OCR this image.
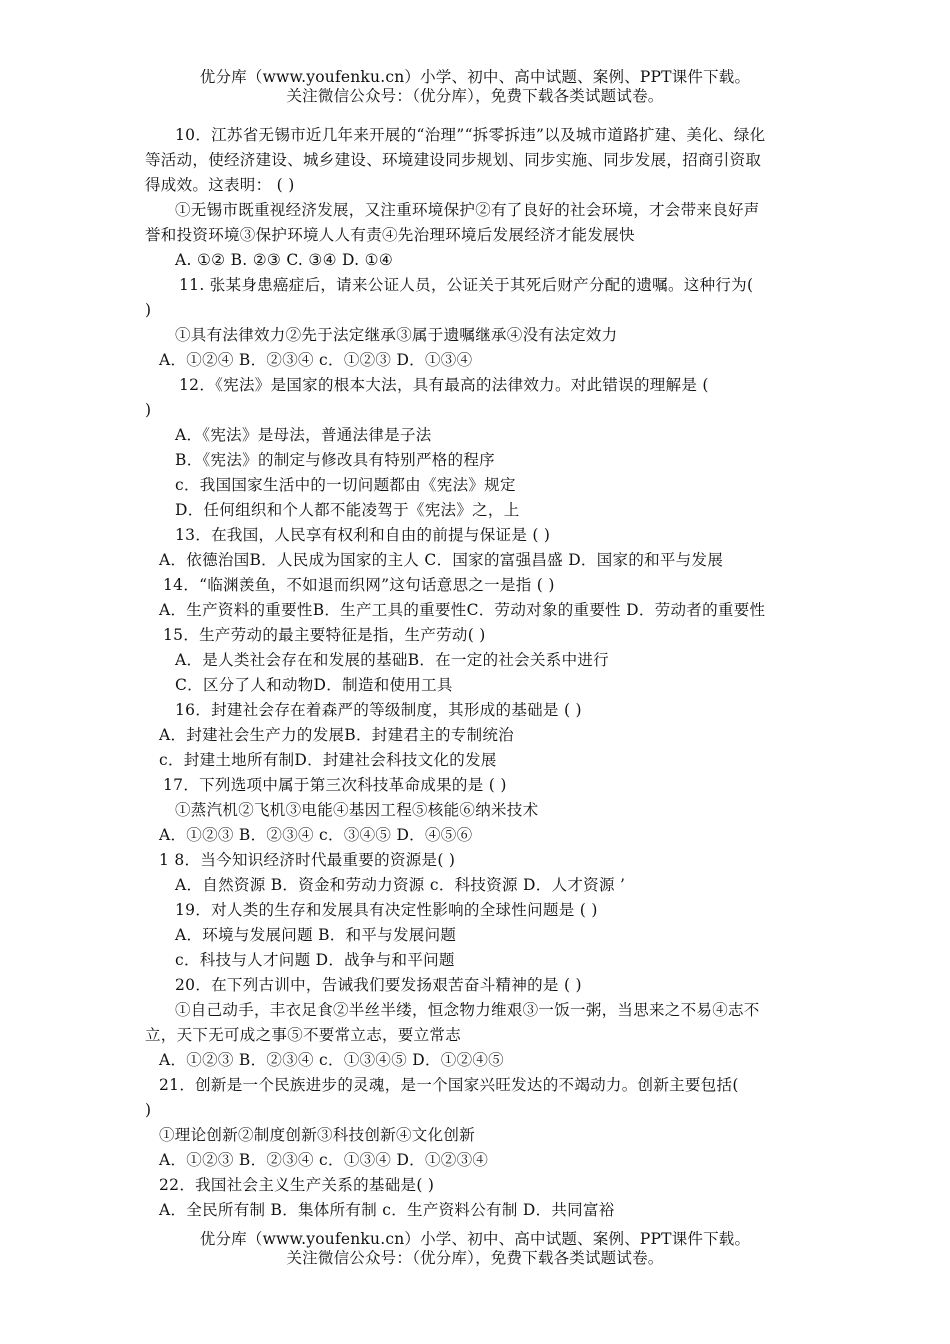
优分库（www.youfenku.cn）小学、初中、高中试题、案例、PPT课件下载。
关注微信公众号：（优分库），免费下载各类试题试卷。
10．江苏省无锡市近几年来开展的“治理”“拆零拆违”以及城市道路扩建、美化、绿化
等活动，使经济建设、城乡建设、环境建设同步规划、同步实施、同步发展，招商引资取
得成效。这表明： ( )
①无锡市既重视经济发展，又注重环境保护②有了良好的社会环境，才会带来良好声
誉和投资环境③保护环境人人有责④先治理环境后发展经济才能发展快
A. ①② B. ②③ C. ③④ D. ①④
11. 张某身患癌症后，请来公证人员，公证关于其死后财产分配的遗嘱。这种行为(
)
①具有法律效力②先于法定继承③属于遗嘱继承④没有法定效力
A．①②④ B．②③④ c．①②③ D．①③④
12．《宪法》是国家的根本大法，具有最高的法律效力。对此错误的理解是 (
)
A．《宪法》是母法，普通法律是子法
B．《宪法》的制定与修改具有特别严格的程序
c．我国国家生活中的一切问题都由《宪法》规定
D．任何组织和个人都不能凌驾于《宪法》之，上
13．在我国，人民享有权利和自由的前提与保证是 ( )
A．依德治国B．人民成为国家的主人 C．国家的富强昌盛 D．国家的和平与发展
14．“临渊羡鱼，不如退而织网”这句话意思之一是指 ( )
A．生产资料的重要性B．生产工具的重要性C．劳动对象的重要性 D．劳动者的重要性
15．生产劳动的最主要特征是指，生产劳动( )
A．是人类社会存在和发展的基础B．在一定的社会关系中进行
C．区分了人和动物D．制造和使用工具
16．封建社会存在着森严的等级制度，其形成的基础是 ( )
A．封建社会生产力的发展B．封建君主的专制统治
c．封建土地所有制D．封建社会科技文化的发展
17．下列选项中属于第三次科技革命成果的是 ( )
①蒸汽机②飞机③电能④基因工程⑤核能⑥纳米技术
A．①②③ B．②③④ c．③④⑤ D．④⑤⑥
1 8．当今知识经济时代最重要的资源是( )
A．自然资源 B．资金和劳动力资源 c．科技资源 D．人才资源 ’
19．对人类的生存和发展具有决定性影响的全球性问题是 ( )
A．环境与发展问题 B．和平与发展问题
c．科技与人才问题 D．战争与和平问题
20．在下列古训中，告诫我们要发扬艰苦奋斗精神的是 ( )
①自己动手，丰衣足食②半丝半缕，恒念物力维艰③一饭一粥，当思来之不易④志不
立，天下无可成之事⑤不要常立志，要立常志
A．①②③ B．②③④ c．①③④⑤ D．①②④⑤
21．创新是一个民族进步的灵魂，是一个国家兴旺发达的不竭动力。创新主要包括(
)
①理论创新②制度创新③科技创新④文化创新
A．①②③ B．②③④ c．①③④ D．①②③④
22．我国社会主义生产关系的基础是( )
A．全民所有制 B．集体所有制 c．生产资料公有制 D．共同富裕
优分库（www.youfenku.cn）小学、初中、高中试题、案例、PPT课件下载。
关注微信公众号：（优分库），免费下载各类试题试卷。
